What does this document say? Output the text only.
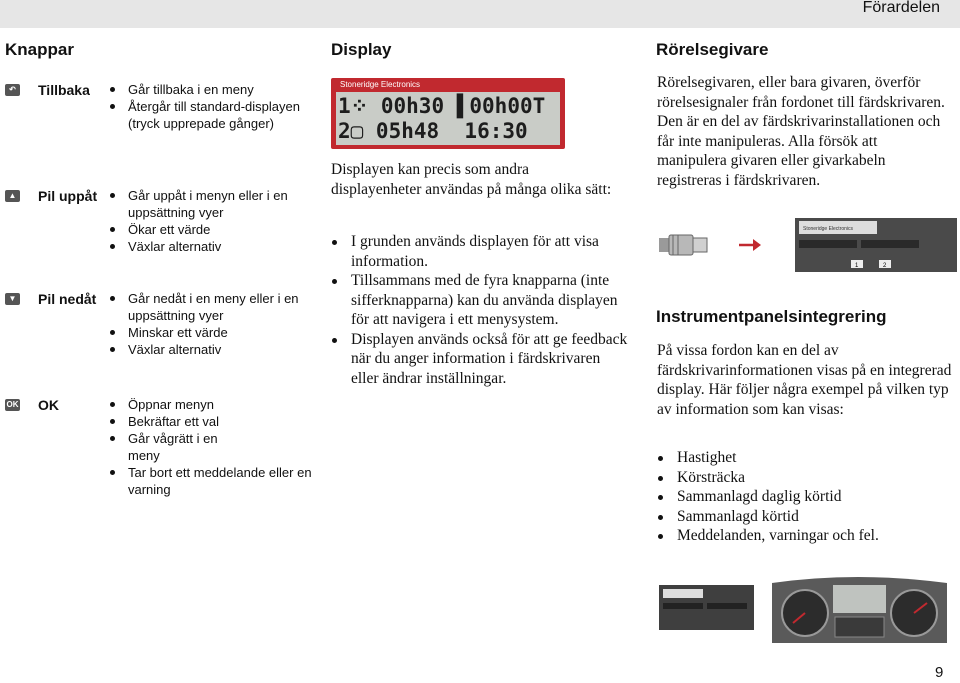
Förardelen
Knappar	Display	Rörelsegivare
↶ Tillbaka	Går tillbaka i en meny
Återgår till standard-displayen (tryck upprepade gånger)
▲ Pil uppåt	Går uppåt i menyn eller i en uppsättning vyer
Ökar ett värde
Växlar alternativ
▼ Pil nedåt	Går nedåt i en meny eller i en uppsättning vyer
Minskar ett värde
Växlar alternativ
OK OK	Öppnar menyn
Bekräftar ett val
Går vågrätt i en meny
Tar bort ett meddelande eller en varning
Stoneridge Electronics
1⁘ 00h30 ▌00h00T
2▢ 05h48  16:30
Displayen kan precis som andra displayenheter användas på många olika sätt:
I grunden används displayen för att visa information.
Tillsammans med de fyra knapparna (inte sifferknapparna) kan du använda displayen för att navigera i ett menysystem.
Displayen används också för att ge feedback när du anger information i färdskrivaren eller ändrar inställningar.
Rörelsegivaren, eller bara givaren, överför rörelsesignaler från fordonet till färdskrivaren. Den är en del av färdskrivarinstallationen och får inte manipuleras. Alla försök att manipulera givaren eller givarkabeln registreras i färdskrivaren.
Stoneridge Electronics
1	2
Instrumentpanelsintegrering
På vissa fordon kan en del av färdskrivarinformationen visas på en integrerad display. Här följer några exempel på vilken typ av information som kan visas:
Hastighet
Körsträcka
Sammanlagd daglig körtid
Sammanlagd körtid
Meddelanden, varningar och fel.
9
